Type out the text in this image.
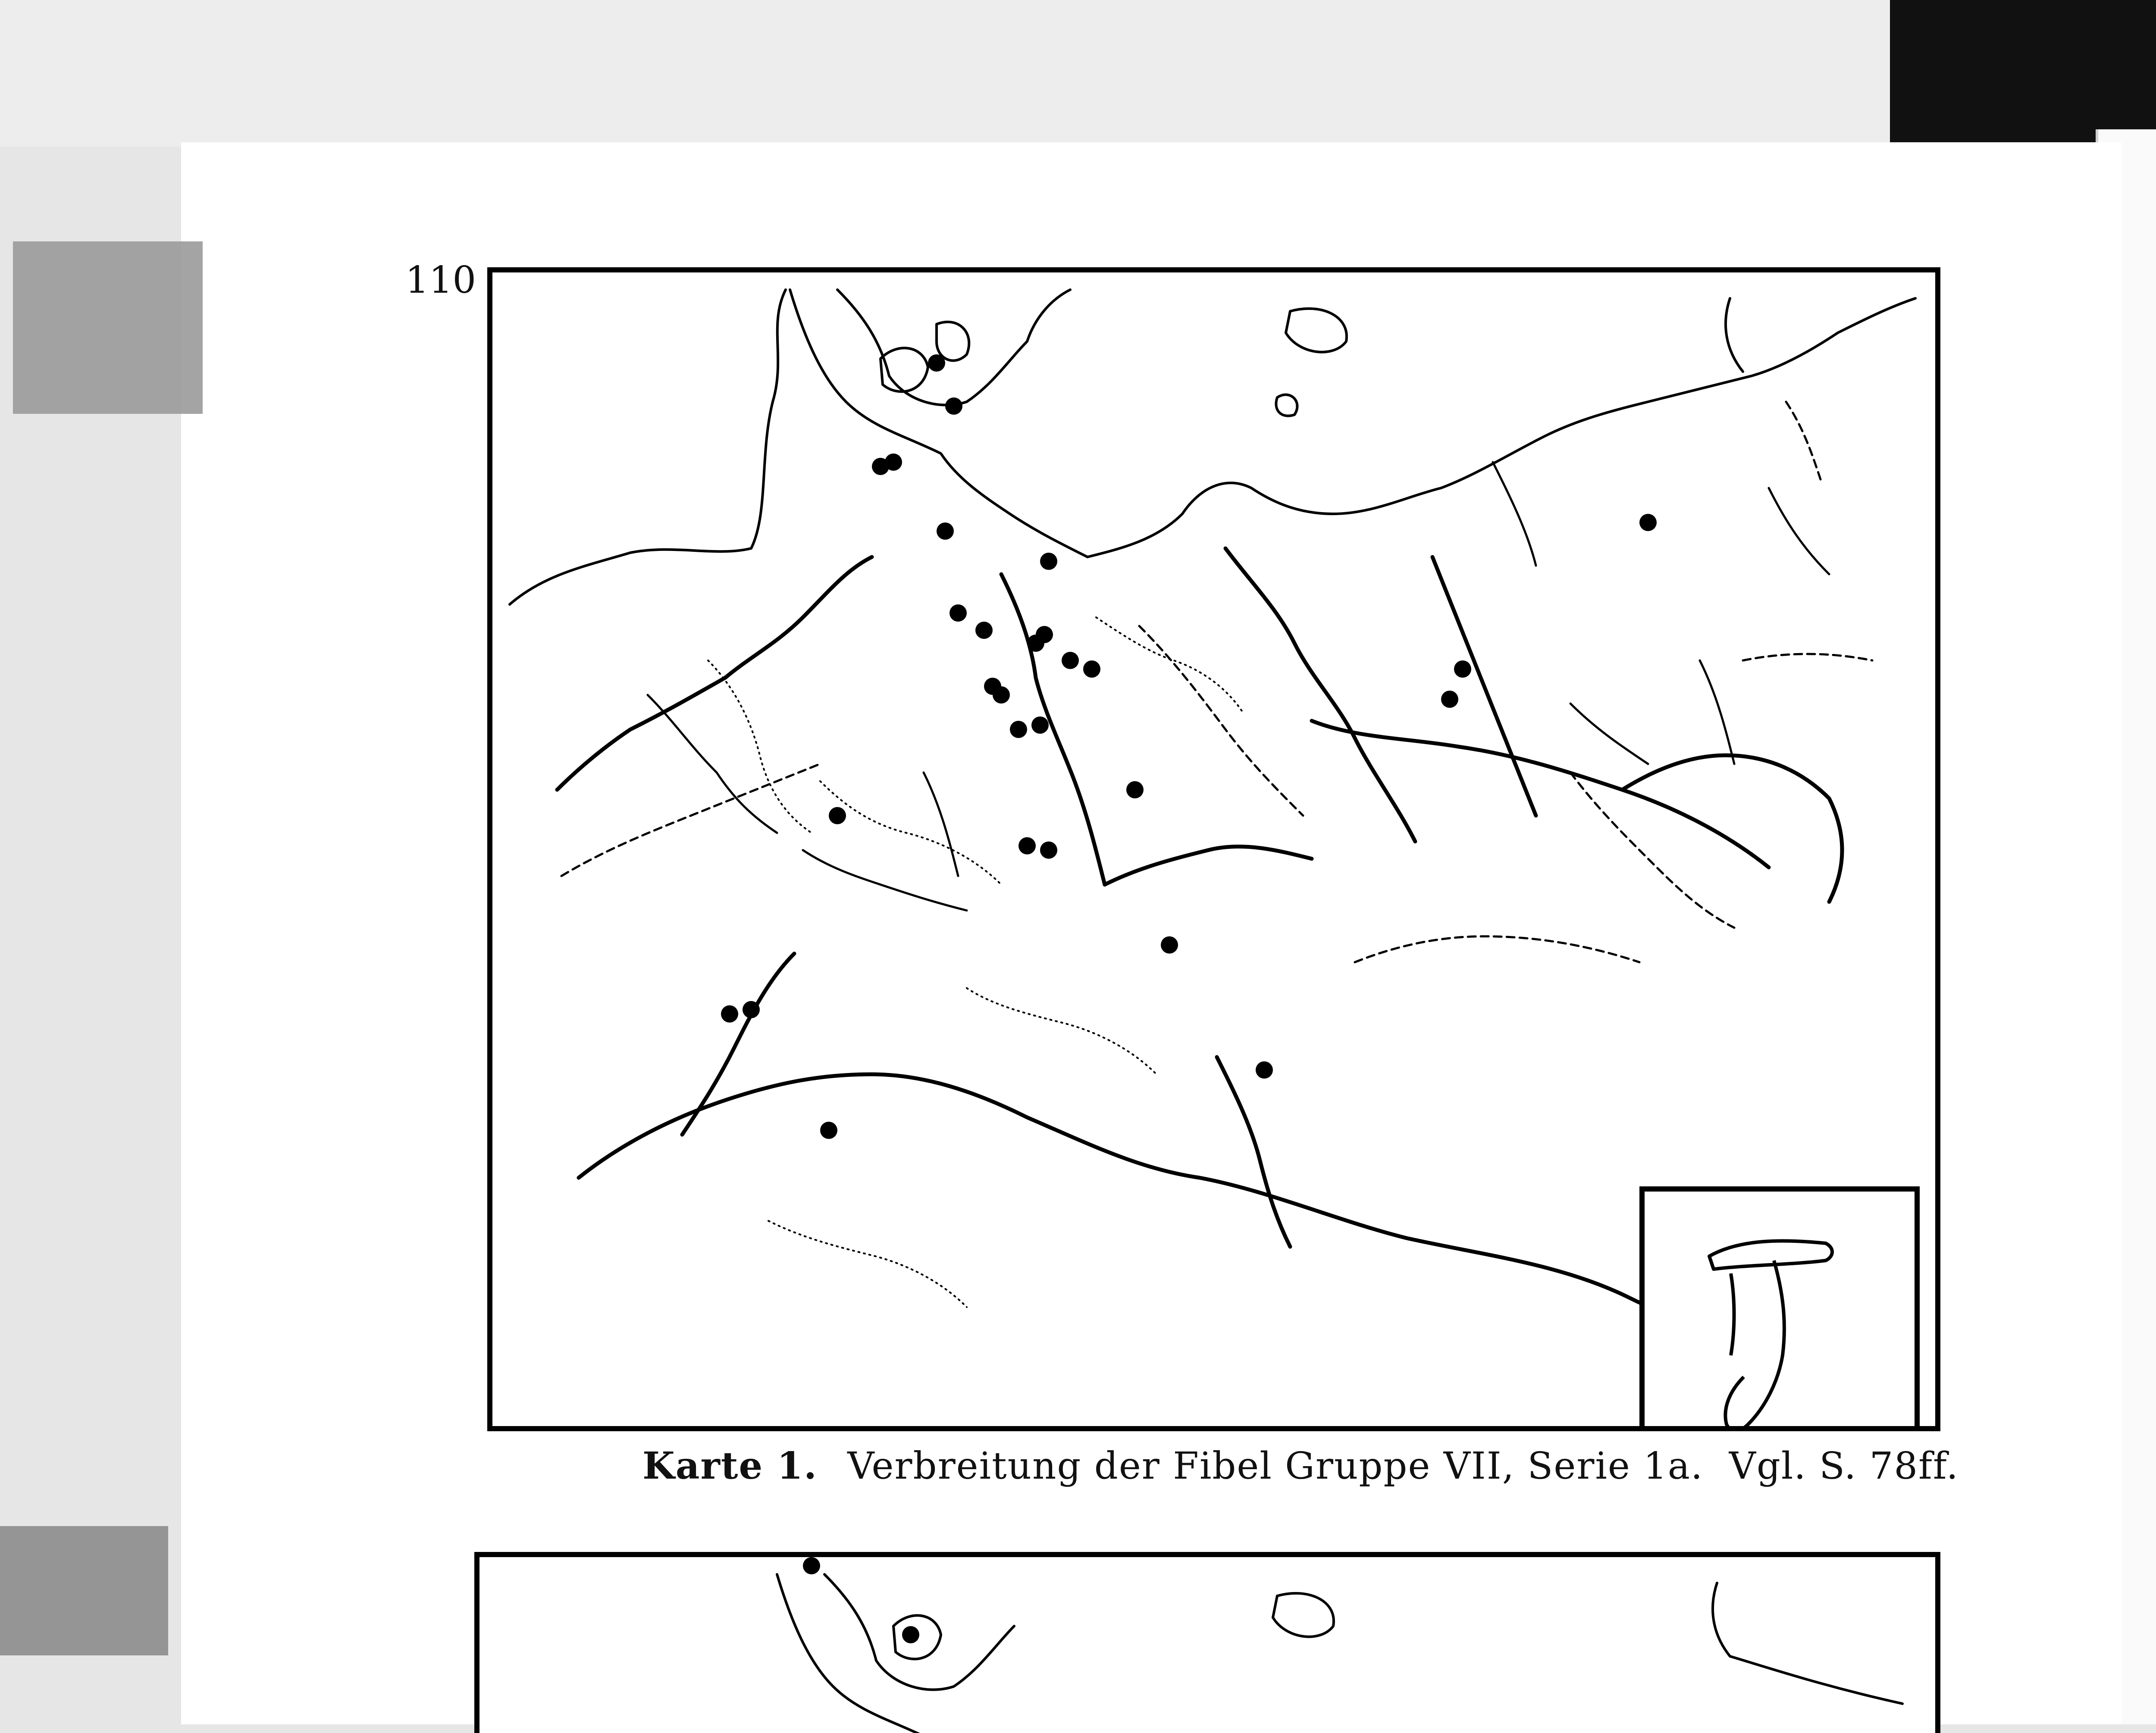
110
Karte 1. Verbreitung der Fibel Gruppe VII, Serie 1a. Vgl. S. 78ff.
